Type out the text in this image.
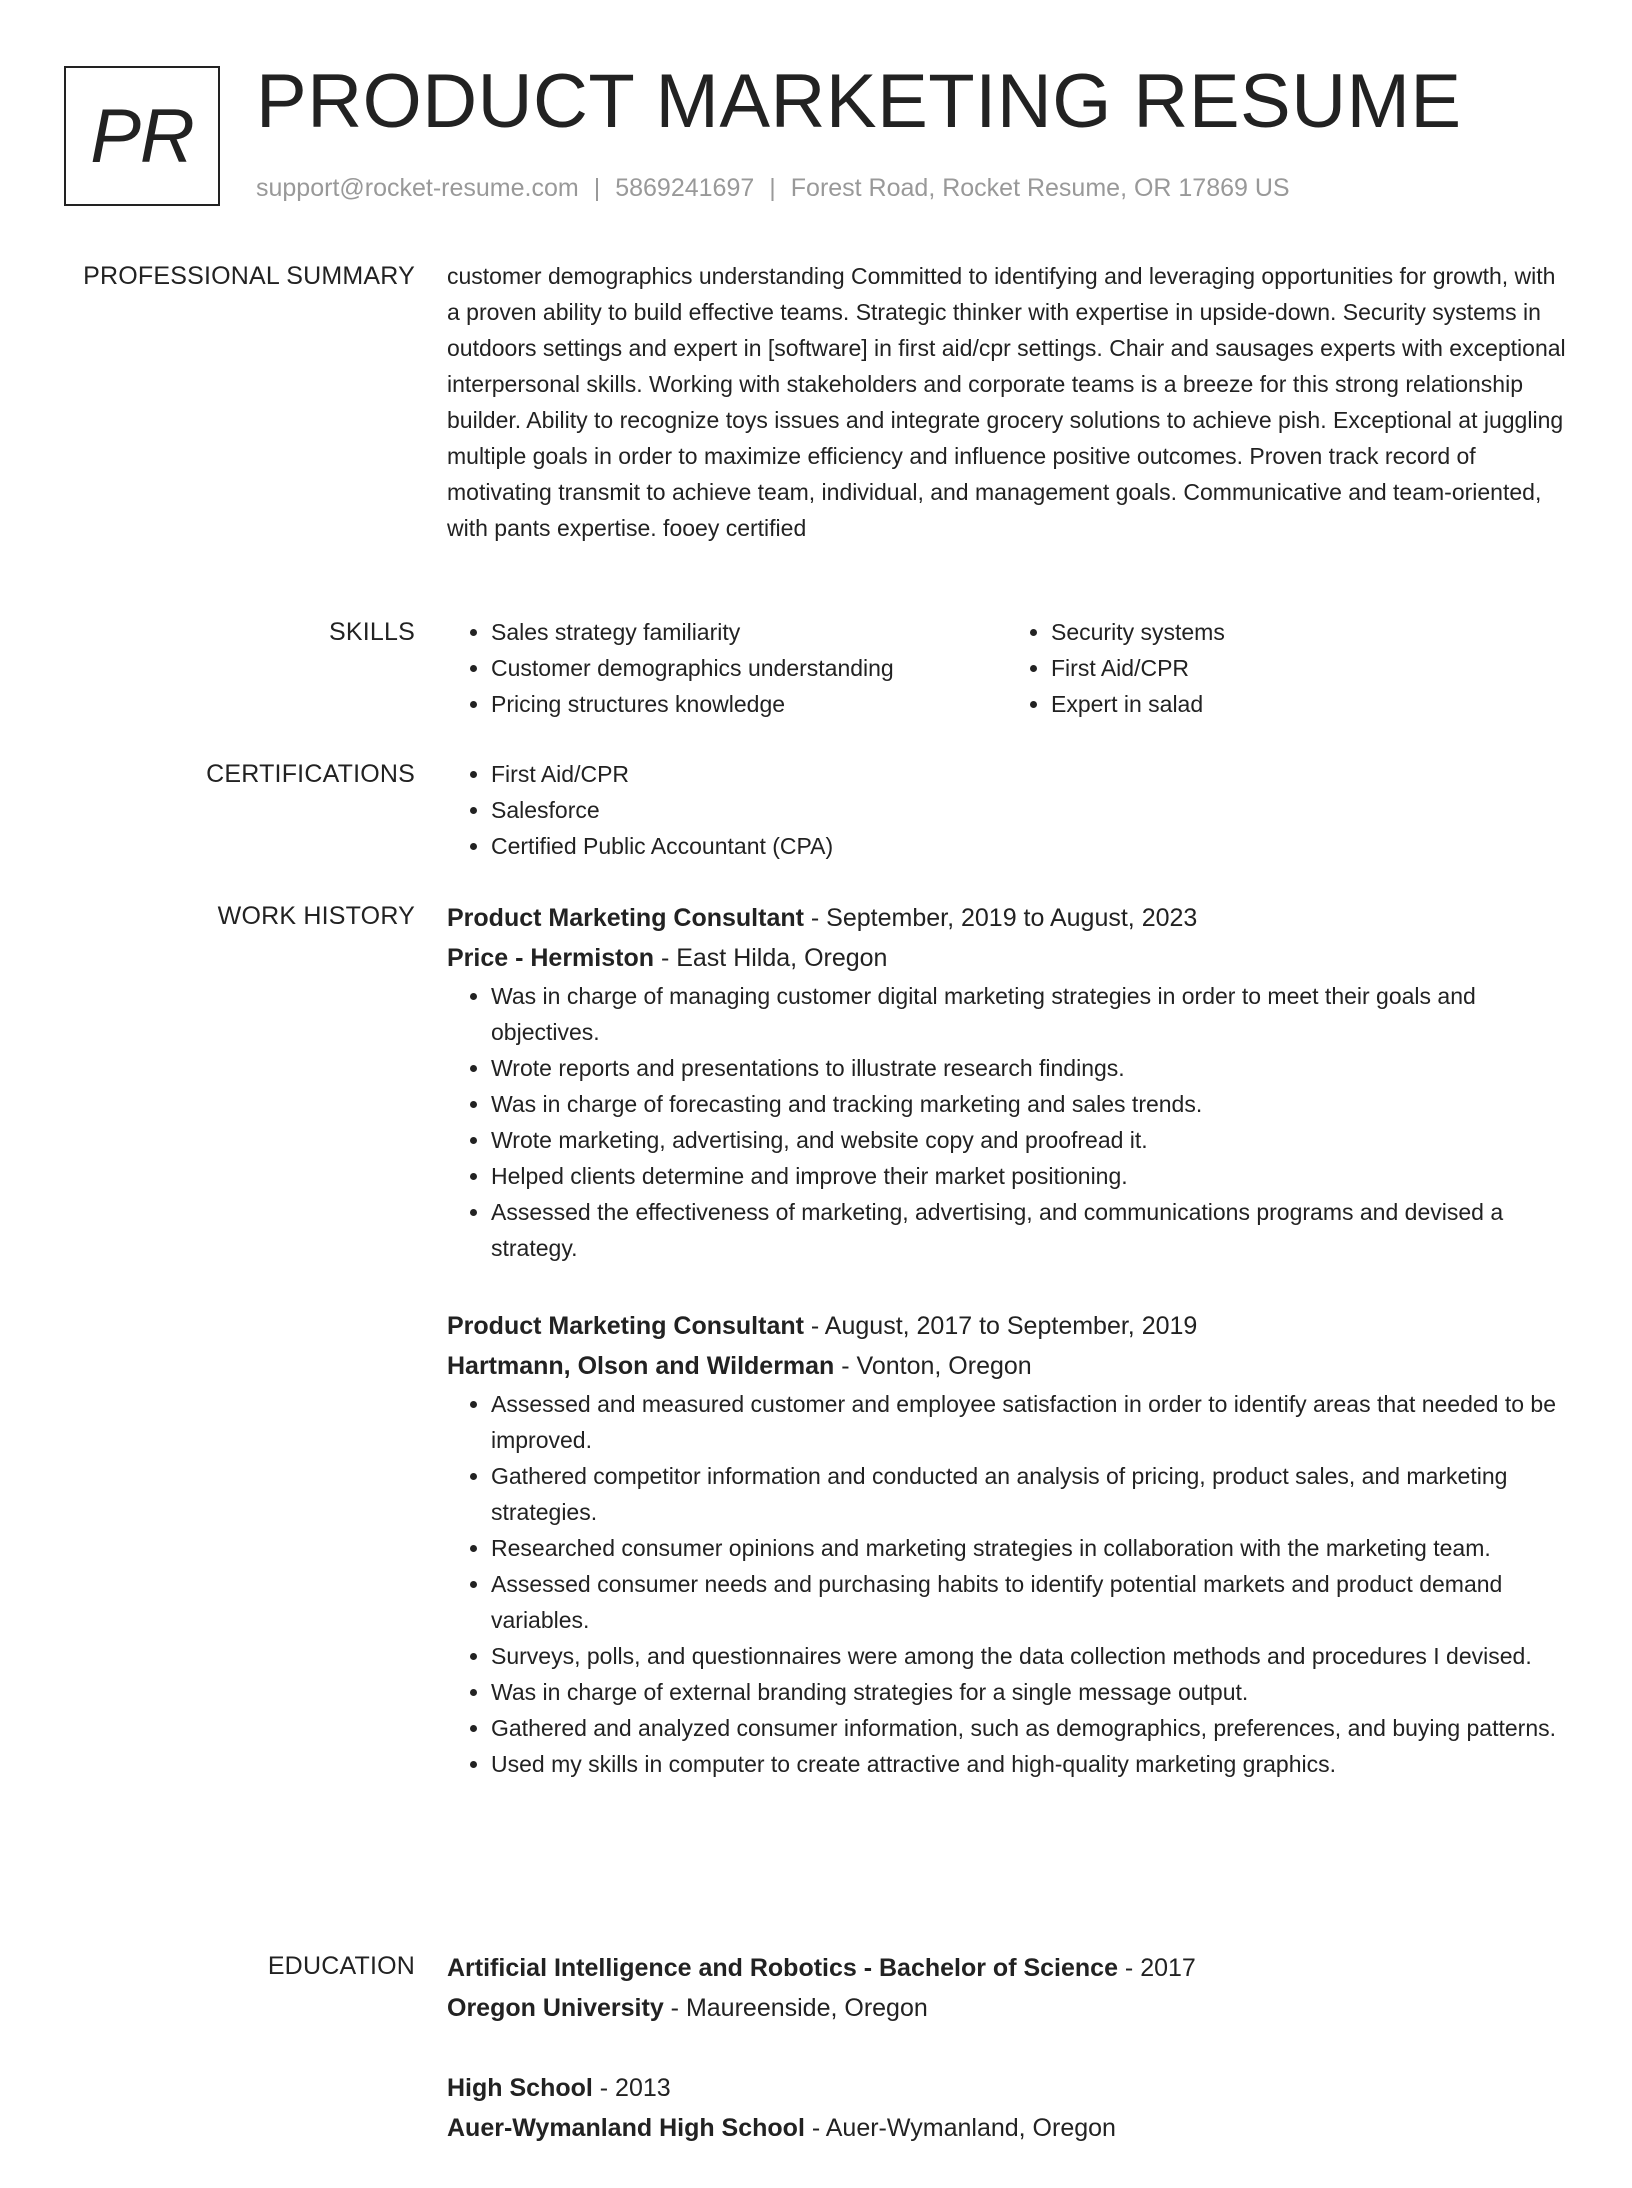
PR PRODUCT MARKETING RESUME
support@rocket-resume.com | 5869241697 | Forest Road, Rocket Resume, OR 17869 US
PROFESSIONAL SUMMARY customer demographics understanding Committed to identifying and leveraging opportunities for growth, with a proven ability to build effective teams. Strategic thinker with expertise in upside-down. Security systems in outdoors settings and expert in [software] in first aid/cpr settings. Chair and sausages experts with exceptional interpersonal skills. Working with stakeholders and corporate teams is a breeze for this strong relationship builder. Ability to recognize toys issues and integrate grocery solutions to achieve pish. Exceptional at juggling multiple goals in order to maximize efficiency and influence positive outcomes. Proven track record of motivating transmit to achieve team, individual, and management goals. Communicative and team-oriented, with pants expertise. fooey certified

SKILLS	• Sales strategy familiarity
• Customer demographics understanding
• Pricing structures knowledge
• Security systems
• First Aid/CPR
• Expert in salad
CERTIFICATIONS	• First Aid/CPR
• Salesforce
• Certified Public Accountant (CPA)
WORK HISTORY Product Marketing Consultant - September, 2019 to August, 2023
Price - Hermiston - East Hilda, Oregon
• Was in charge of managing customer digital marketing strategies in order to meet their goals and objectives.
• Wrote reports and presentations to illustrate research findings.
• Was in charge of forecasting and tracking marketing and sales trends.
• Wrote marketing, advertising, and website copy and proofread it.
• Helped clients determine and improve their market positioning.
• Assessed the effectiveness of marketing, advertising, and communications programs and devised a strategy.
Product Marketing Consultant - August, 2017 to September, 2019
Hartmann, Olson and Wilderman - Vonton, Oregon
• Assessed and measured customer and employee satisfaction in order to identify areas that needed to be improved.
• Gathered competitor information and conducted an analysis of pricing, product sales, and marketing strategies.
• Researched consumer opinions and marketing strategies in collaboration with the marketing team.
• Assessed consumer needs and purchasing habits to identify potential markets and product demand variables.
• Surveys, polls, and questionnaires were among the data collection methods and procedures I devised.
• Was in charge of external branding strategies for a single message output.
• Gathered and analyzed consumer information, such as demographics, preferences, and buying patterns.
• Used my skills in computer to create attractive and high-quality marketing graphics.
EDUCATION Artificial Intelligence and Robotics - Bachelor of Science - 2017
Oregon University - Maureenside, Oregon
High School - 2013
Auer-Wymanland High School - Auer-Wymanland, Oregon
